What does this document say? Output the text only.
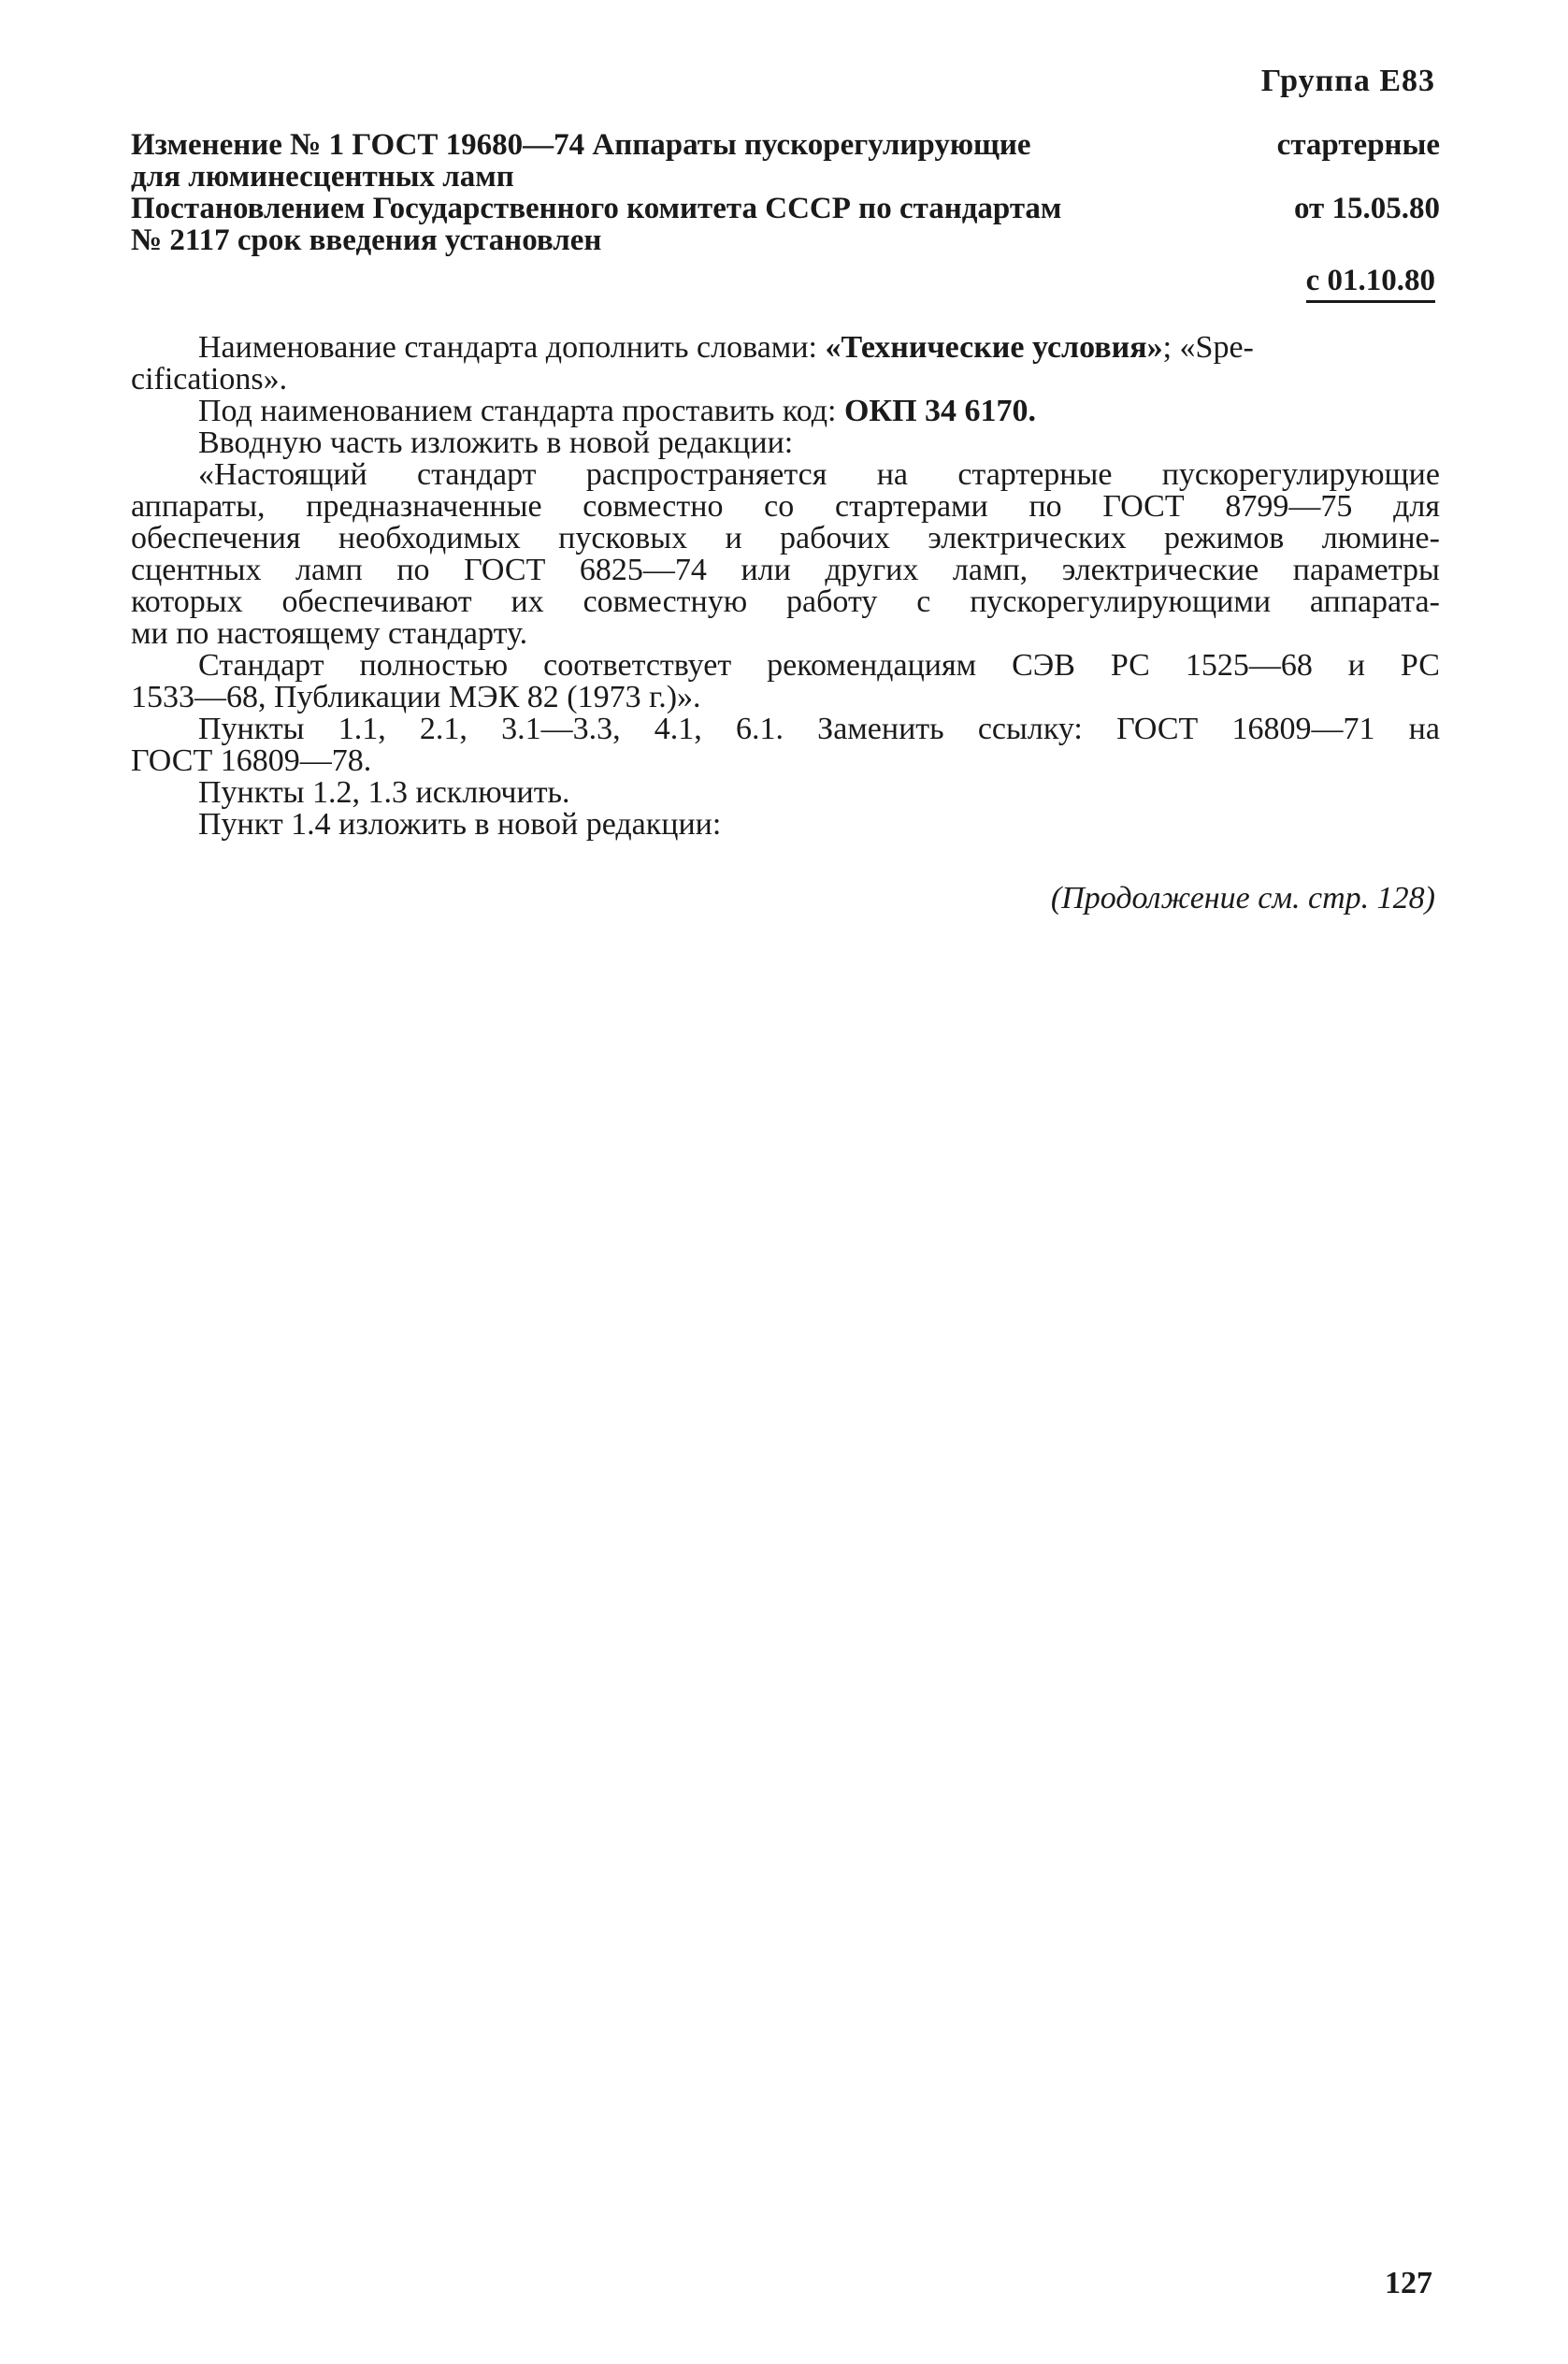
Группа Е83
Изменение № 1 ГОСТ 19680—74 Аппараты пускорегулирующие	стартерные
для люминесцентных ламп
Постановлением Государственного комитета СССР по стандартам	от 15.05.80
№ 2117 срок введения установлен
с 01.10.80

Наименование стандарта дополнить словами: «Технические условия»; «Spe-
cifications».

Под наименованием стандарта проставить код: ОКП 34 6170.

Вводную часть изложить в новой редакции:

«Настоящий стандарт распространяется на стартерные пускорегулирующие
аппараты, предназначенные совместно со стартерами по ГОСТ 8799—75 для
обеспечения необходимых пусковых и рабочих электрических режимов люмине-
сцентных ламп по ГОСТ 6825—74 или других ламп, электрические параметры
которых обеспечивают их совместную работу с пускорегулирующими аппарата-
ми по настоящему стандарту.
Стандарт полностью соответствует рекомендациям СЭВ РС 1525—68 и РС
1533—68, Публикации МЭК 82 (1973 г.)».
Пункты 1.1, 2.1, 3.1—3.3, 4.1, 6.1. Заменить ссылку: ГОСТ 16809—71 на
ГОСТ 16809—78.

Пункты 1.2, 1.3 исключить.

Пункт 1.4 изложить в новой редакции:

(Продолжение см. стр. 128)
127
